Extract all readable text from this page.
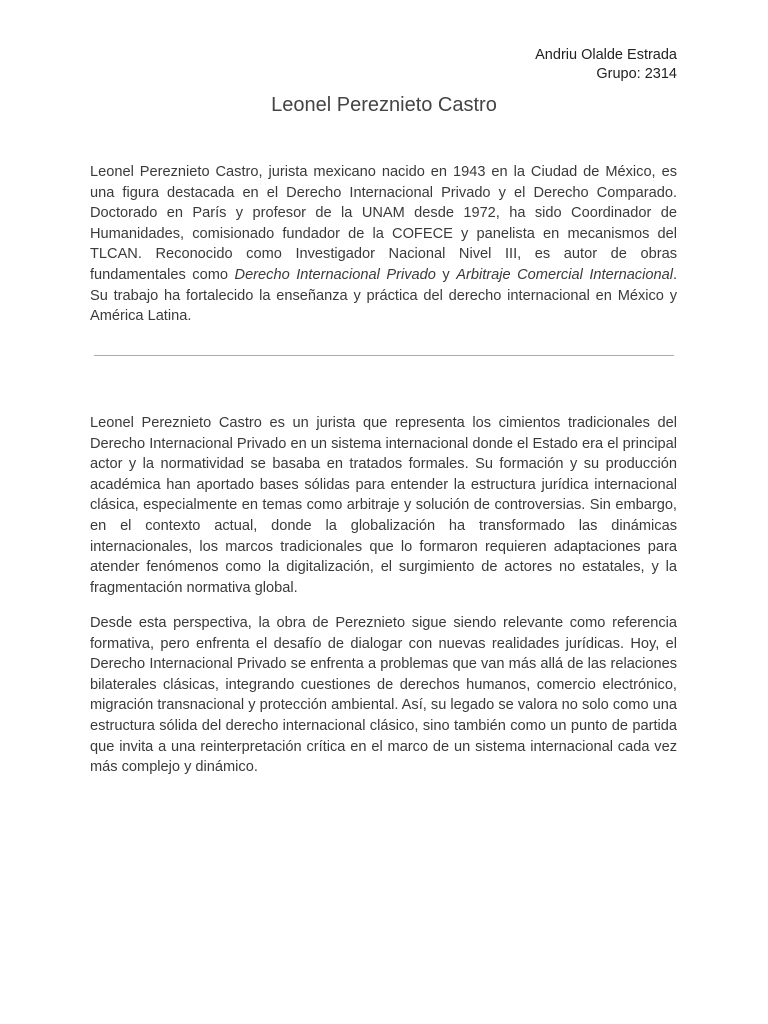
Andriu Olalde Estrada
Grupo: 2314
Leonel Pereznieto Castro

Leonel Pereznieto Castro, jurista mexicano nacido en 1943 en la Ciudad de México, es una figura destacada en el Derecho Internacional Privado y el Derecho Comparado. Doctorado en París y profesor de la UNAM desde 1972, ha sido Coordinador de Humanidades, comisionado fundador de la COFECE y panelista en mecanismos del TLCAN. Reconocido como Investigador Nacional Nivel III, es autor de obras fundamentales como Derecho Internacional Privado y Arbitraje Comercial Internacional. Su trabajo ha fortalecido la enseñanza y práctica del derecho internacional en México y América Latina.

Leonel Pereznieto Castro es un jurista que representa los cimientos tradicionales del Derecho Internacional Privado en un sistema internacional donde el Estado era el principal actor y la normatividad se basaba en tratados formales. Su formación y su producción académica han aportado bases sólidas para entender la estructura jurídica internacional clásica, especialmente en temas como arbitraje y solución de controversias. Sin embargo, en el contexto actual, donde la globalización ha transformado las dinámicas internacionales, los marcos tradicionales que lo formaron requieren adaptaciones para atender fenómenos como la digitalización, el surgimiento de actores no estatales, y la fragmentación normativa global.

Desde esta perspectiva, la obra de Pereznieto sigue siendo relevante como referencia formativa, pero enfrenta el desafío de dialogar con nuevas realidades jurídicas. Hoy, el Derecho Internacional Privado se enfrenta a problemas que van más allá de las relaciones bilaterales clásicas, integrando cuestiones de derechos humanos, comercio electrónico, migración transnacional y protección ambiental. Así, su legado se valora no solo como una estructura sólida del derecho internacional clásico, sino también como un punto de partida que invita a una reinterpretación crítica en el marco de un sistema internacional cada vez más complejo y dinámico.
